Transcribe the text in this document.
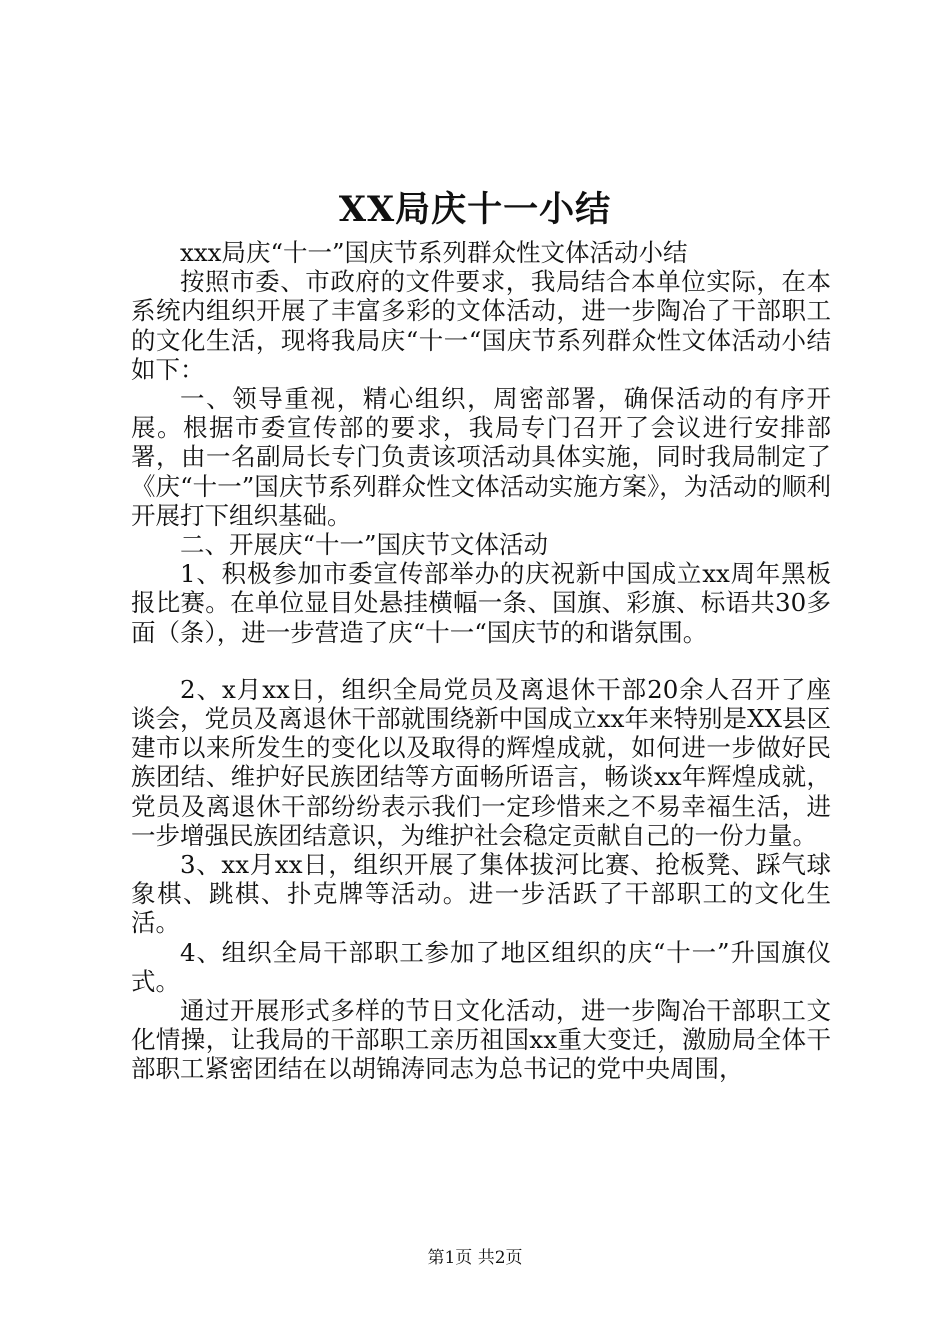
XX局庆十一小结

xxx局庆“十一”国庆节系列群众性文体活动小结

按照市委、市政府的文件要求，我局结合本单位实际，在本系统内组织开展了丰富多彩的文体活动，进一步陶冶了干部职工的文化生活，现将我局庆“十一“国庆节系列群众性文体活动小结如下：

一、领导重视，精心组织，周密部署，确保活动的有序开展。根据市委宣传部的要求，我局专门召开了会议进行安排部署，由一名副局长专门负责该项活动具体实施，同时我局制定了《庆“十一”国庆节系列群众性文体活动实施方案》，为活动的顺利开展打下组织基础。

二、开展庆“十一”国庆节文体活动

1、积极参加市委宣传部举办的庆祝新中国成立xx周年黑板报比赛。在单位显目处悬挂横幅一条、国旗、彩旗、标语共30多面（条），进一步营造了庆“十一“国庆节的和谐氛围。

2、x月xx日，组织全局党员及离退休干部20余人召开了座谈会，党员及离退休干部就围绕新中国成立xx年来特别是XX县区建市以来所发生的变化以及取得的辉煌成就，如何进一步做好民族团结、维护好民族团结等方面畅所语言，畅谈xx年辉煌成就，党员及离退休干部纷纷表示我们一定珍惜来之不易幸福生活，进一步增强民族团结意识，为维护社会稳定贡献自己的一份力量。

3、xx月xx日，组织开展了集体拔河比赛、抢板凳、踩气球象棋、跳棋、扑克牌等活动。进一步活跃了干部职工的文化生活。

4、组织全局干部职工参加了地区组织的庆“十一”升国旗仪式。

通过开展形式多样的节日文化活动，进一步陶冶干部职工文化情操，让我局的干部职工亲历祖国xx重大变迁，激励局全体干部职工紧密团结在以胡锦涛同志为总书记的党中央周围，

第1页 共2页
